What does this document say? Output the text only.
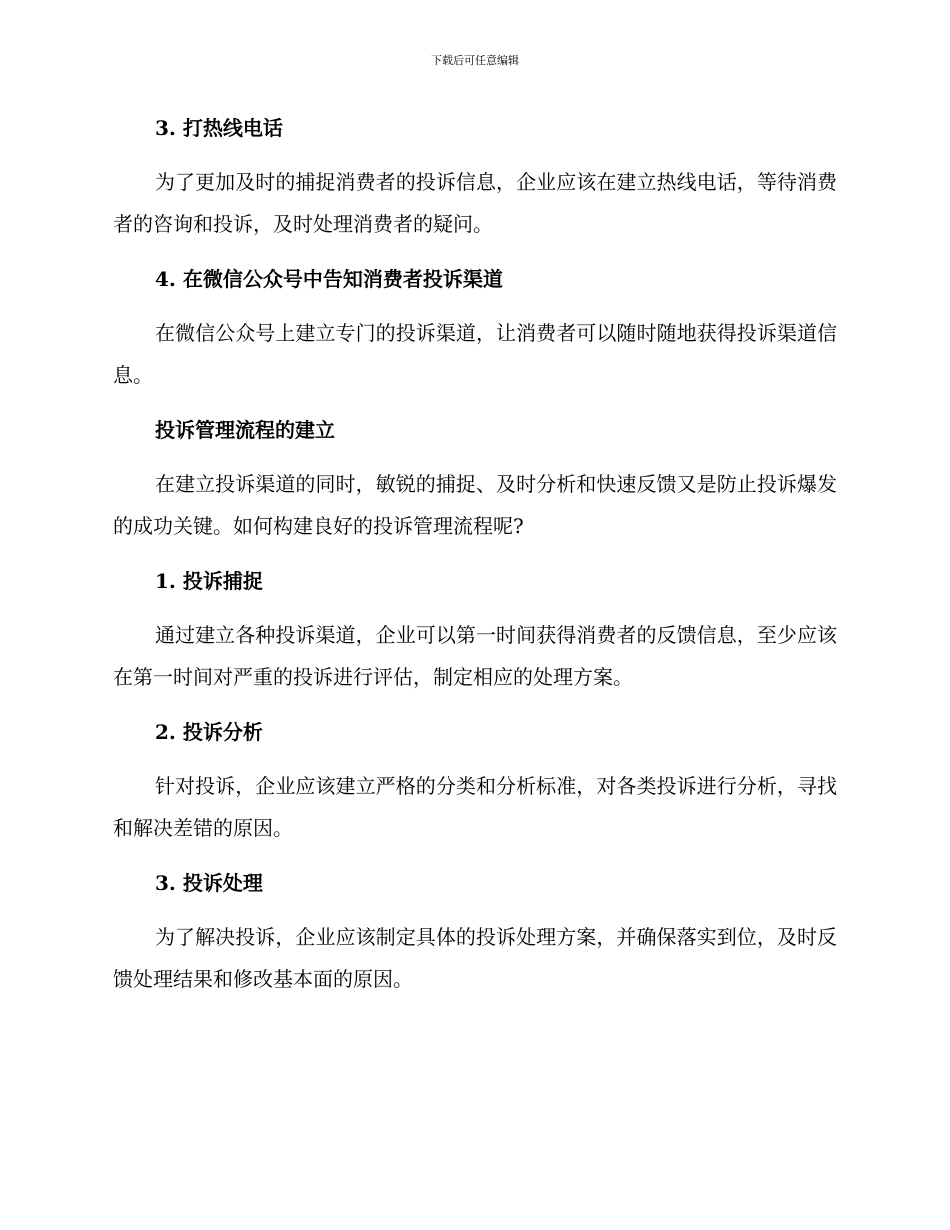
下载后可任意编辑
3. 打热线电话

为了更加及时的捕捉消费者的投诉信息，企业应该在建立热线电话，等待消费者的咨询和投诉，及时处理消费者的疑问。

4. 在微信公众号中告知消费者投诉渠道

在微信公众号上建立专门的投诉渠道，让消费者可以随时随地获得投诉渠道信息。

投诉管理流程的建立

在建立投诉渠道的同时，敏锐的捕捉、及时分析和快速反馈又是防止投诉爆发的成功关键。如何构建良好的投诉管理流程呢?

1. 投诉捕捉

通过建立各种投诉渠道，企业可以第一时间获得消费者的反馈信息，至少应该在第一时间对严重的投诉进行评估，制定相应的处理方案。

2. 投诉分析

针对投诉，企业应该建立严格的分类和分析标准，对各类投诉进行分析，寻找和解决差错的原因。

3. 投诉处理

为了解决投诉，企业应该制定具体的投诉处理方案，并确保落实到位，及时反馈处理结果和修改基本面的原因。
